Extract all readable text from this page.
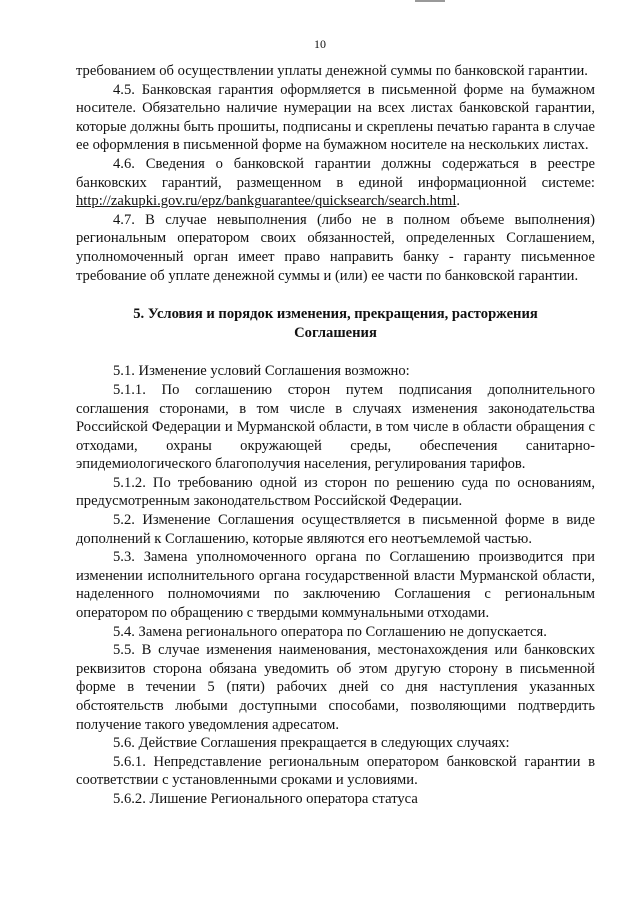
10

требованием об осуществлении уплаты денежной суммы по банковской гарантии.

4.5. Банковская гарантия оформляется в письменной форме на бумажном носителе. Обязательно наличие нумерации на всех листах банковской гарантии, которые должны быть прошиты, подписаны и скреплены печатью гаранта в случае ее оформления в письменной форме на бумажном носителе на нескольких листах.

4.6. Сведения о банковской гарантии должны содержаться в реестре банковских гарантий, размещенном в единой информационной системе: http://zakupki.gov.ru/epz/bankguarantee/quicksearch/search.html.

4.7. В случае невыполнения (либо не в полном объеме выполнения) региональным оператором своих обязанностей, определенных Соглашением, уполномоченный орган имеет право направить банку - гаранту письменное требование об уплате денежной суммы и (или) ее части по банковской гарантии.

5. Условия и порядок изменения, прекращения, расторжения
Соглашения

5.1. Изменение условий Соглашения возможно:

5.1.1. По соглашению сторон путем подписания дополнительного соглашения сторонами, в том числе в случаях изменения законодательства Российской Федерации и Мурманской области, в том числе в области обращения с отходами, охраны окружающей среды, обеспечения санитарно-эпидемиологического благополучия населения, регулирования тарифов.

5.1.2. По требованию одной из сторон по решению суда по основаниям, предусмотренным законодательством Российской Федерации.

5.2. Изменение Соглашения осуществляется в письменной форме в виде дополнений к Соглашению, которые являются его неотъемлемой частью.

5.3. Замена уполномоченного органа по Соглашению производится при изменении исполнительного органа государственной власти Мурманской области, наделенного полномочиями по заключению Соглашения с региональным оператором по обращению с твердыми коммунальными отходами.

5.4. Замена регионального оператора по Соглашению не допускается.

5.5. В случае изменения наименования, местонахождения или банковских реквизитов сторона обязана уведомить об этом другую сторону в письменной форме в течении 5 (пяти) рабочих дней со дня наступления указанных обстоятельств любыми доступными способами, позволяющими подтвердить получение такого уведомления адресатом.

5.6. Действие Соглашения прекращается в следующих случаях:

5.6.1. Непредставление региональным оператором банковской гарантии в соответствии с установленными сроками и условиями.

5.6.2. Лишение Регионального оператора статуса
